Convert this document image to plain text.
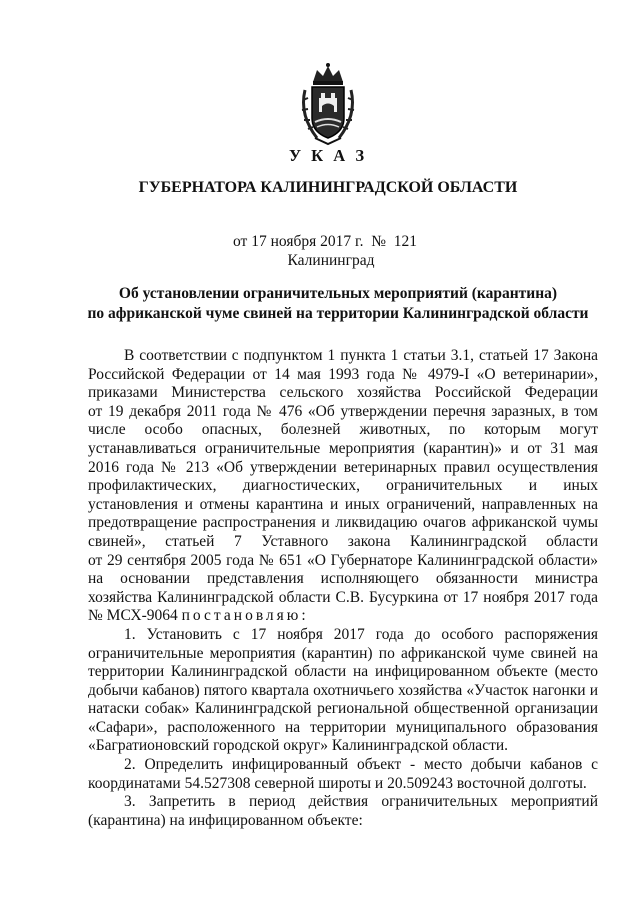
У К А З
ГУБЕРНАТОРА КАЛИНИНГРАДСКОЙ ОБЛАСТИ
от 17 ноября 2017 г.  №  121
Калининград
Об установлении ограничительных мероприятий (карантина)
по африканской чуме свиней на территории Калининградской области
В соответствии с подпунктом 1 пункта 1 статьи 3.1, статьей 17 Закона
Российской Федерации от 14 мая 1993 года № 4979-I «О ветеринарии»,
приказами Министерства сельского хозяйства Российской Федерации
от 19 декабря 2011 года № 476 «Об утверждении перечня заразных, в том
числе особо опасных, болезней животных, по которым могут
устанавливаться ограничительные мероприятия (карантин)» и от 31 мая
2016 года № 213 «Об утверждении ветеринарных правил осуществления
профилактических, диагностических, ограничительных и иных
установления и отмены карантина и иных ограничений, направленных на
предотвращение распространения и ликвидацию очагов африканской чумы
свиней», статьей 7 Уставного закона Калининградской области
от 29 сентября 2005 года № 651 «О Губернаторе Калининградской области»
на основании представления исполняющего обязанности министра
хозяйства Калининградской области С.В. Бусуркина от 17 ноября 2017 года
№ МСХ-9064 постановляю:
1. Установить с 17 ноября 2017 года до особого распоряжения
ограничительные мероприятия (карантин) по африканской чуме свиней на
территории Калининградской области на инфицированном объекте (место
добычи кабанов) пятого квартала охотничьего хозяйства «Участок нагонки и
натаски собак» Калининградской региональной общественной организации
«Сафари», расположенного на территории муниципального образования
«Багратионовский городской округ» Калининградской области.
2. Определить инфицированный объект - место добычи кабанов с
координатами 54.527308 северной широты и 20.509243 восточной долготы.
3. Запретить в период действия ограничительных мероприятий
(карантина) на инфицированном объекте:
